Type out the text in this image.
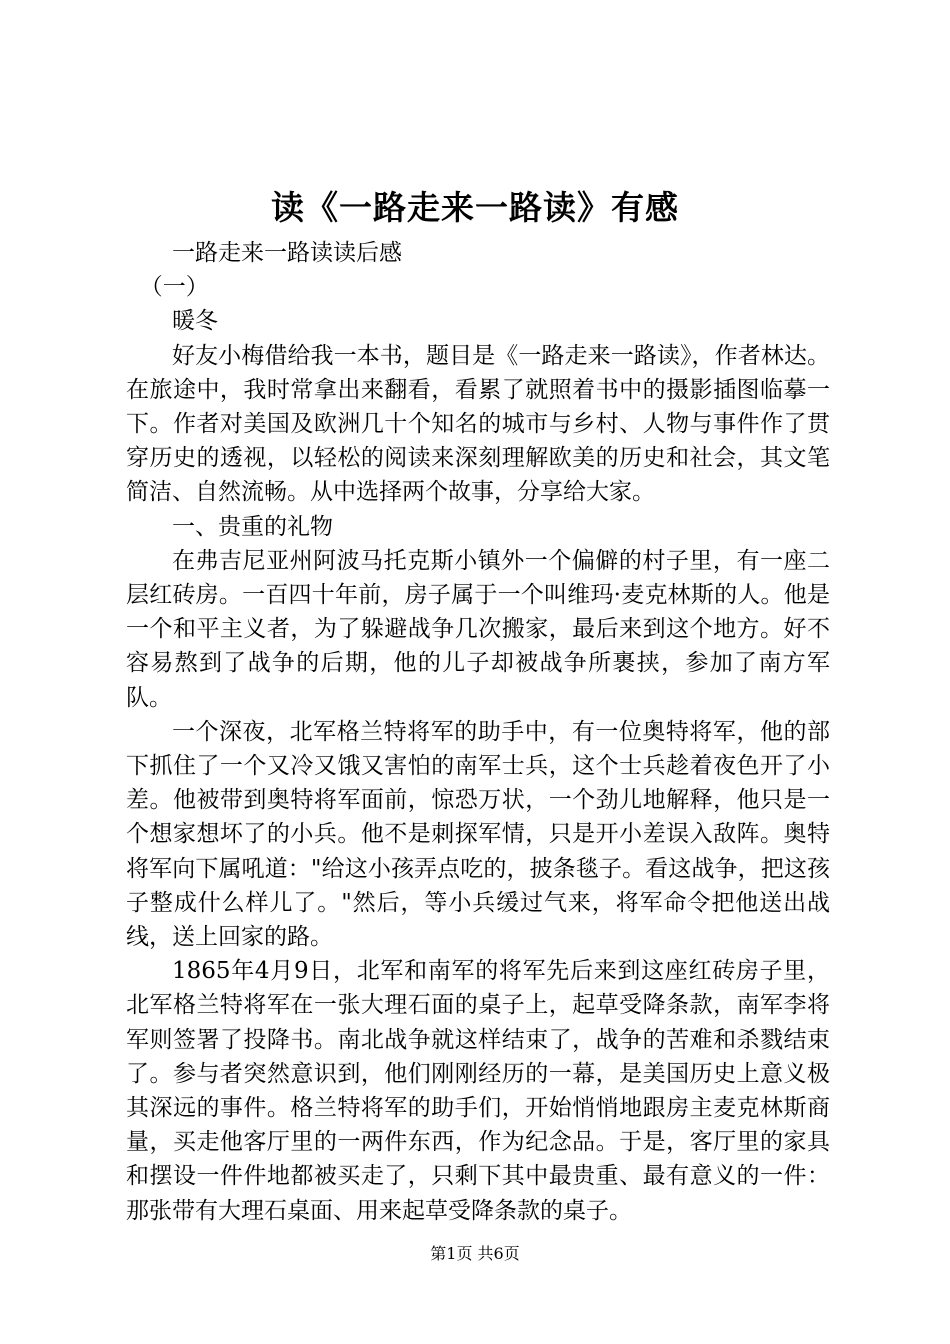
读《一路走来一路读》有感
一路走来一路读读后感
（一）
暖冬

好友小梅借给我一本书，题目是《一路走来一路读》，作者林达。在旅途中，我时常拿出来翻看，看累了就照着书中的摄影插图临摹一下。作者对美国及欧洲几十个知名的城市与乡村、人物与事件作了贯穿历史的透视，以轻松的阅读来深刻理解欧美的历史和社会，其文笔简洁、自然流畅。从中选择两个故事，分享给大家。

一、贵重的礼物

在弗吉尼亚州阿波马托克斯小镇外一个偏僻的村子里，有一座二层红砖房。一百四十年前，房子属于一个叫维玛·麦克林斯的人。他是一个和平主义者，为了躲避战争几次搬家，最后来到这个地方。好不容易熬到了战争的后期，他的儿子却被战争所裹挟，参加了南方军队。

一个深夜，北军格兰特将军的助手中，有一位奥特将军，他的部下抓住了一个又冷又饿又害怕的南军士兵，这个士兵趁着夜色开了小差。他被带到奥特将军面前，惊恐万状，一个劲儿地解释，他只是一个想家想坏了的小兵。他不是刺探军情，只是开小差误入敌阵。奥特将军向下属吼道："给这小孩弄点吃的，披条毯子。看这战争，把这孩子整成什么样儿了。"然后，等小兵缓过气来，将军命令把他送出战线，送上回家的路。

1865年4月9日，北军和南军的将军先后来到这座红砖房子里，北军格兰特将军在一张大理石面的桌子上，起草受降条款，南军李将军则签署了投降书。南北战争就这样结束了，战争的苦难和杀戮结束了。参与者突然意识到，他们刚刚经历的一幕，是美国历史上意义极其深远的事件。格兰特将军的助手们，开始悄悄地跟房主麦克林斯商量，买走他客厅里的一两件东西，作为纪念品。于是，客厅里的家具和摆设一件件地都被买走了，只剩下其中最贵重、最有意义的一件：那张带有大理石桌面、用来起草受降条款的桌子。

第1页 共6页
